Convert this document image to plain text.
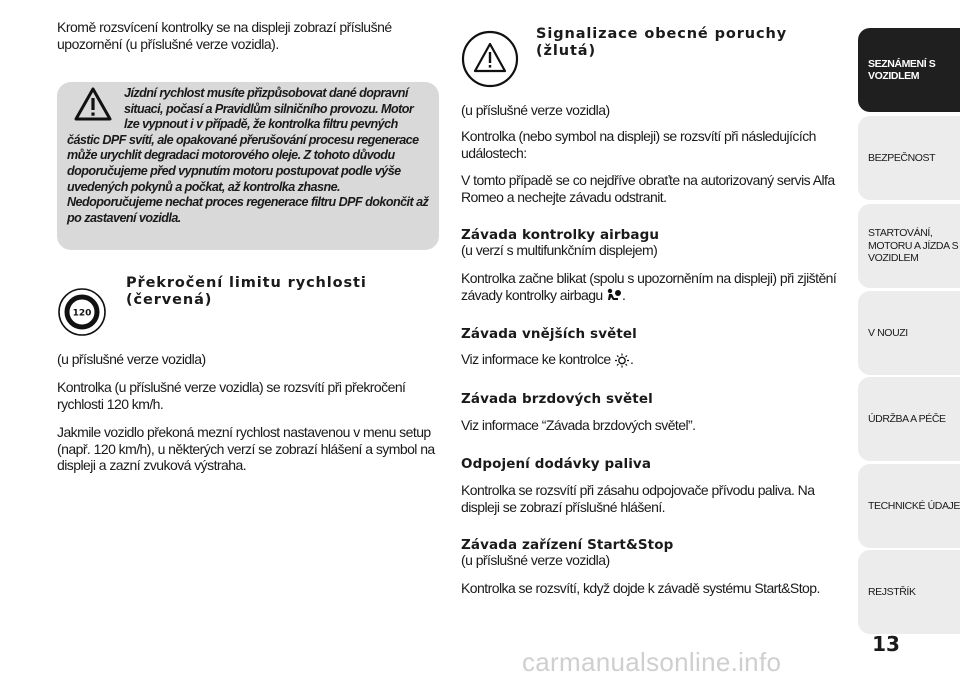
Kromě rozsvícení kontrolky se na displeji zobrazí příslušné upozornění (u příslušné verze vozidla).

Jízdní rychlost musíte přizpůsobovat dané dopravní
situaci, počasí a Pravidlům silničního provozu. Motor
lze vypnout i v případě, že kontrolka filtru pevných
částic DPF svítí, ale opakované přerušování procesu regenerace
může urychlit degradaci motorového oleje. Z tohoto důvodu
doporučujeme před vypnutím motoru postupovat podle výše
uvedených pokynů a počkat, až kontrolka zhasne.
Nedoporučujeme nechat proces regenerace filtru DPF dokončit až
po zastavení vozidla.
120
Překročení limitu rychlosti
(červená)

(u příslušné verze vozidla)

Kontrolka (u příslušné verze vozidla) se rozsvítí při překročení rychlosti 120 km/h.

Jakmile vozidlo překoná mezní rychlost nastavenou v menu setup (např. 120 km/h), u některých verzí se zobrazí hlášení a symbol na displeji a zazní zvuková výstraha.

Signalizace obecné poruchy
(žlutá)

(u příslušné verze vozidla)

Kontrolka (nebo symbol na displeji) se rozsvítí při následujících událostech:

V tomto případě se co nejdříve obraťte na autorizovaný servis Alfa Romeo a nechejte závadu odstranit.

Závada kontrolky airbagu

(u verzí s multifunkčním displejem)

Kontrolka začne blikat (spolu s upozorněním na displeji) při zjištění závady kontrolky airbagu .

Závada vnějších světel

Viz informace ke kontrolce .

Závada brzdových světel

Viz informace “Závada brzdových světel”.

Odpojení dodávky paliva

Kontrolka se rozsvítí při zásahu odpojovače přívodu paliva. Na displeji se zobrazí příslušné hlášení.

Závada zařízení Start&Stop

(u příslušné verze vozidla)

Kontrolka se rozsvítí, když dojde k závadě systému Start&Stop.

SEZNÁMENÍ S
VOZIDLEM
BEZPEČNOST
STARTOVÁNÍ,
MOTORU A JÍZDA S
VOZIDLEM
V NOUZI
ÚDRŽBA A PÉČE
TECHNICKÉ ÚDAJE
REJSTŘÍK
13
carmanualsonline.info
